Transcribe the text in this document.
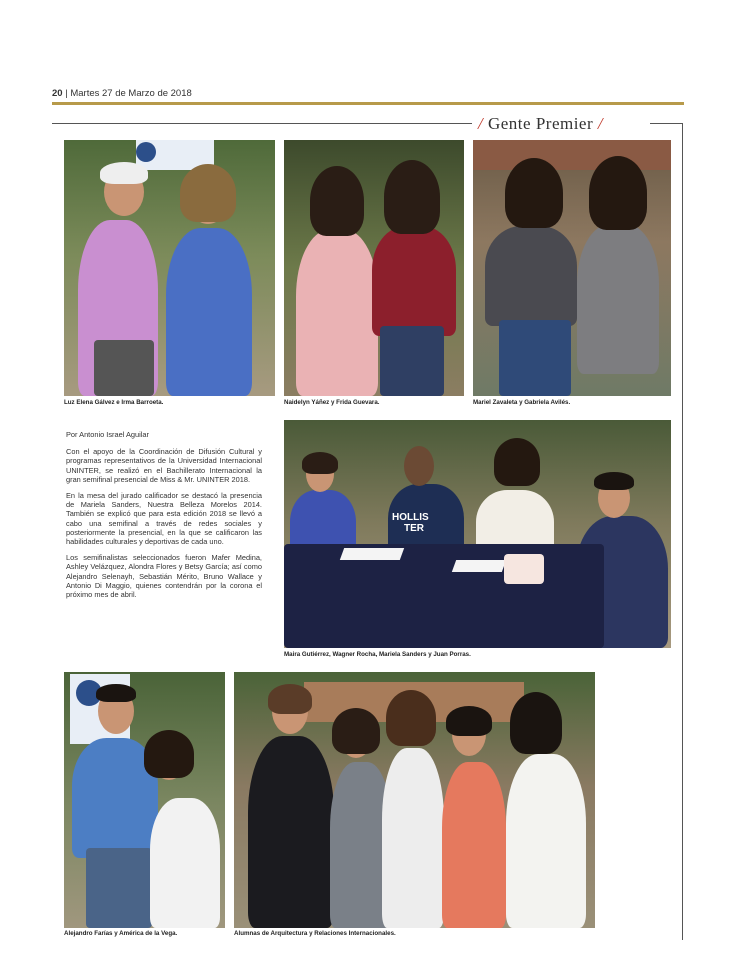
20 | Martes 27 de Marzo de 2018
/ Gente Premier /
Luz Elena Gálvez e Irma Barroeta.	Naidelyn Yáñez y Frida Guevara.	Mariel Zavaleta y Gabriela Avilés.

Por Antonio Israel Aguilar

Con el apoyo de la Coordinación de Difusión Cultural y programas representativos de la Universidad Internacional UNINTER, se realizó en el Bachillerato Internacional la gran semifinal presencial de Miss & Mr. UNINTER 2018.

En la mesa del jurado calificador se destacó la presencia de Mariela Sanders, Nuestra Belleza Morelos 2014. También se explicó que para esta edición 2018 se llevó a cabo una semifinal a través de redes sociales y posteriormente la presencial, en la que se calificaron las habilidades culturales y deportivas de cada uno.

Los semifinalistas seleccionados fueron Mafer Medina, Ashley Velázquez, Alondra Flores y Betsy García; así como Alejandro Selenayh, Sebastián Mérito, Bruno Wallace y Antonio Di Maggio, quienes contendrán por la corona el próximo mes de abril.

HOLLIS
TER
Maira Gutiérrez, Wagner Rocha, Mariela Sanders y Juan Porras.
Alejandro Farías y América de la Vega.	Alumnas de Arquitectura y Relaciones Internacionales.
